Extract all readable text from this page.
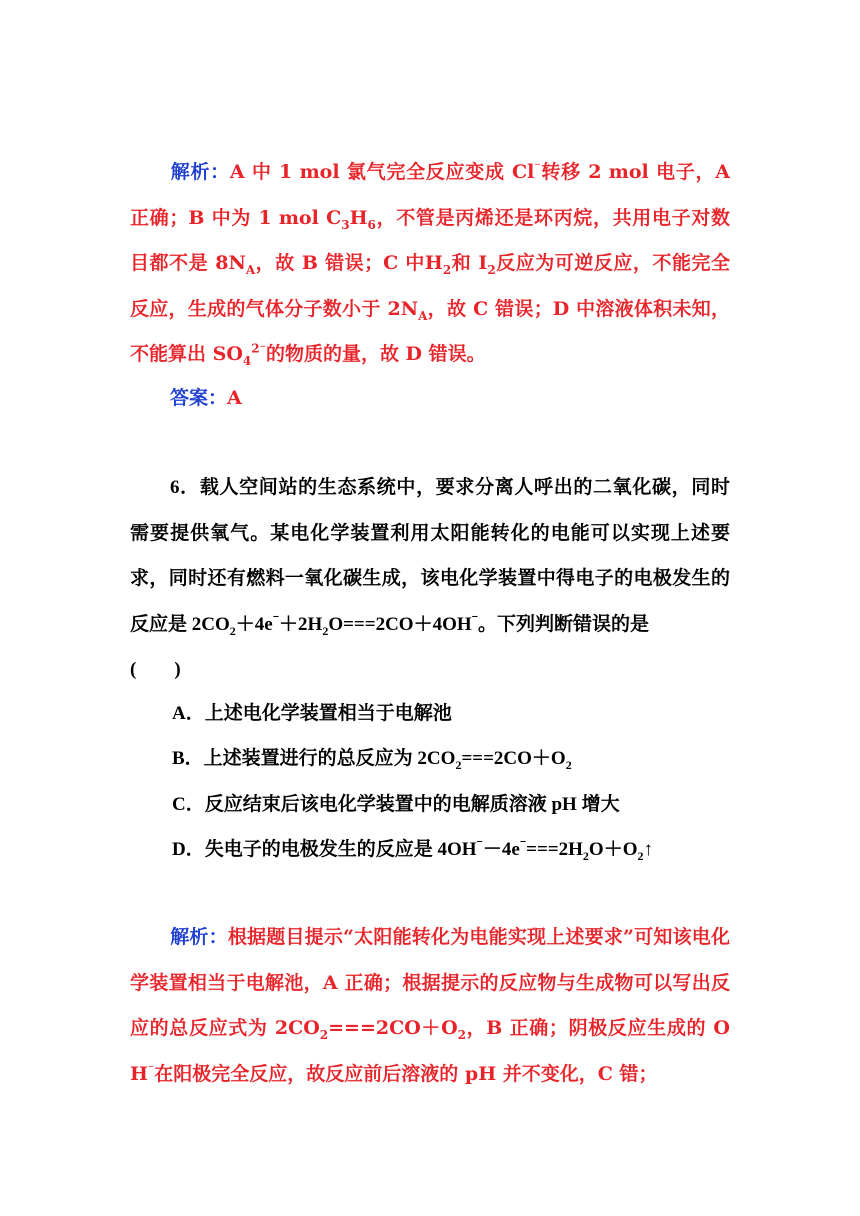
解析：A 中 1 mol 氯气完全反应变成 Cl⁻转移 2 mol 电子，A 正确；B 中为 1 mol $C_3H_6$，不管是丙烯还是环丙烷，共用电子对数目都不是 $8N_A$，故 B 错误；C 中$H_2$和 $I_2$反应为可逆反应，不能完全反应，生成的气体分子数小于 $2N_A$，故 C 错误；D 中溶液体积未知，不能算出 $SO_4^{2^-}$的物质的量，故 D 错误。
答案：A
6．载人空间站的生态系统中，要求分离人呼出的二氧化碳，同时需要提供氧气。某电化学装置利用太阳能转化的电能可以实现上述要求，同时还有燃料一氧化碳生成，该电化学装置中得电子的电极发生的反应是 $2CO_2+4e^{^-}+2H_2O===2CO+4OH^{^-}$。下列判断错误的是
(　　)
A．上述电化学装置相当于电解池
B．上述装置进行的总反应为 $2CO_2===2CO+O_2$
C．反应结束后该电化学装置中的电解质溶液 pH 增大
D．失电子的电极发生的反应是 $4OH^{^-}-4e^{^-}===2H_2O+O_2↑$
解析：根据题目提示“太阳能转化为电能实现上述要求”可知该电化学装置相当于电解池，A 正确；根据提示的反应物与生成物可以写出反应的总反应式为 $2CO_2===2CO+O_2$，B 正确；阴极反应生成的 OH⁻在阳极完全反应，故反应前后溶液的 pH 并不变化，C 错；
